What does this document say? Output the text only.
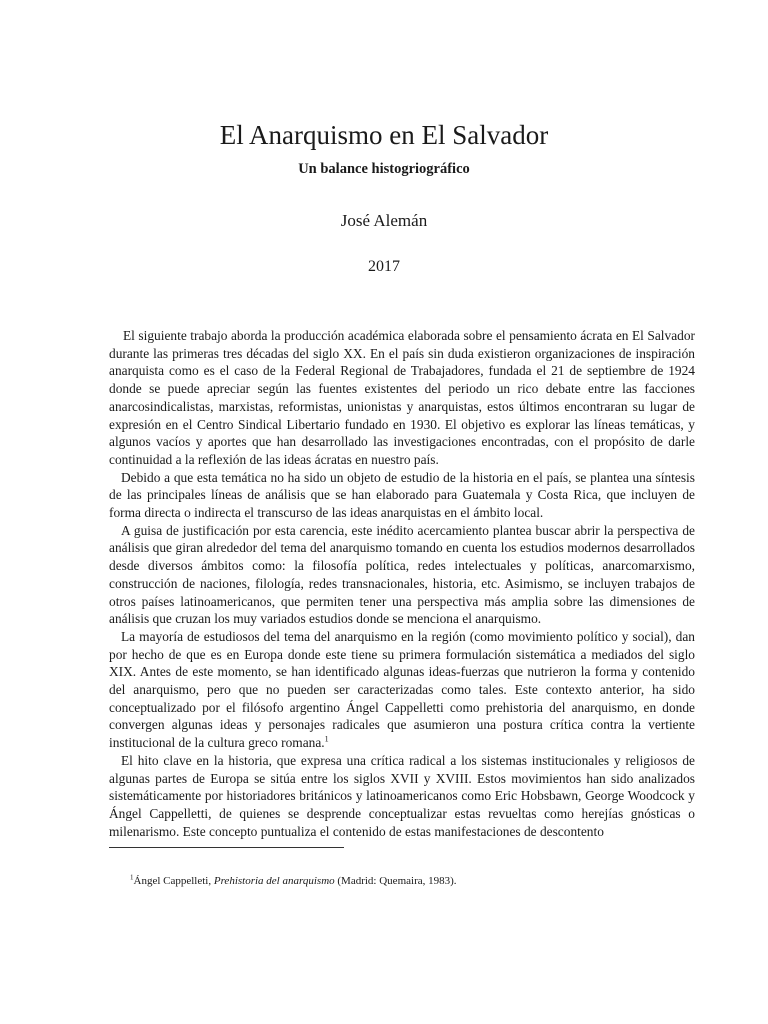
El Anarquismo en El Salvador
Un balance histogriográfico
José Alemán
2017

El siguiente trabajo aborda la producción académica elaborada sobre el pensamiento ácrata en El Salvador durante las primeras tres décadas del siglo XX. En el país sin duda existieron organizaciones de inspiración anarquista como es el caso de la Federal Regional de Trabajadores, fundada el 21 de septiembre de 1924 donde se puede apreciar según las fuentes existentes del periodo un rico debate entre las facciones anarcosindicalistas, marxistas, reformistas, unionistas y anarquistas, estos últimos encontraran su lugar de expresión en el Centro Sindical Libertario fundado en 1930. El objetivo es explorar las líneas temáticas, y algunos vacíos y aportes que han desarrollado las investigaciones encontradas, con el propósito de darle continuidad a la reflexión de las ideas ácratas en nuestro país.

Debido a que esta temática no ha sido un objeto de estudio de la historia en el país, se plantea una síntesis de las principales líneas de análisis que se han elaborado para Guatemala y Costa Rica, que incluyen de forma directa o indirecta el transcurso de las ideas anarquistas en el ámbito local.

A guisa de justificación por esta carencia, este inédito acercamiento plantea buscar abrir la perspectiva de análisis que giran alrededor del tema del anarquismo tomando en cuenta los estudios modernos desarrollados desde diversos ámbitos como: la filosofía política, redes intelectuales y políticas, anarcomarxismo, construcción de naciones, filología, redes transnacionales, historia, etc. Asimismo, se incluyen trabajos de otros países latinoamericanos, que permiten tener una perspectiva más amplia sobre las dimensiones de análisis que cruzan los muy variados estudios donde se menciona el anarquismo.

La mayoría de estudiosos del tema del anarquismo en la región (como movimiento político y social), dan por hecho de que es en Europa donde este tiene su primera formulación sistemática a mediados del siglo XIX. Antes de este momento, se han identificado algunas ideas-fuerzas que nutrieron la forma y contenido del anarquismo, pero que no pueden ser caracterizadas como tales. Este contexto anterior, ha sido conceptualizado por el filósofo argentino Ángel Cappelletti como prehistoria del anarquismo, en donde convergen algunas ideas y personajes radicales que asumieron una postura crítica contra la vertiente institucional de la cultura greco romana.$^1$

El hito clave en la historia, que expresa una crítica radical a los sistemas institucionales y religiosos de algunas partes de Europa se sitúa entre los siglos XVII y XVIII. Estos movimientos han sido analizados sistemáticamente por historiadores británicos y latinoamericanos como Eric Hobsbawn, George Woodcock y Ángel Cappelletti, de quienes se desprende conceptualizar estas revueltas como herejías gnósticas o milenarismo. Este concepto puntualiza el contenido de estas manifestaciones de descontento

$^1$Ángel Cappelleti, Prehistoria del anarquismo (Madrid: Quemaira, 1983).
